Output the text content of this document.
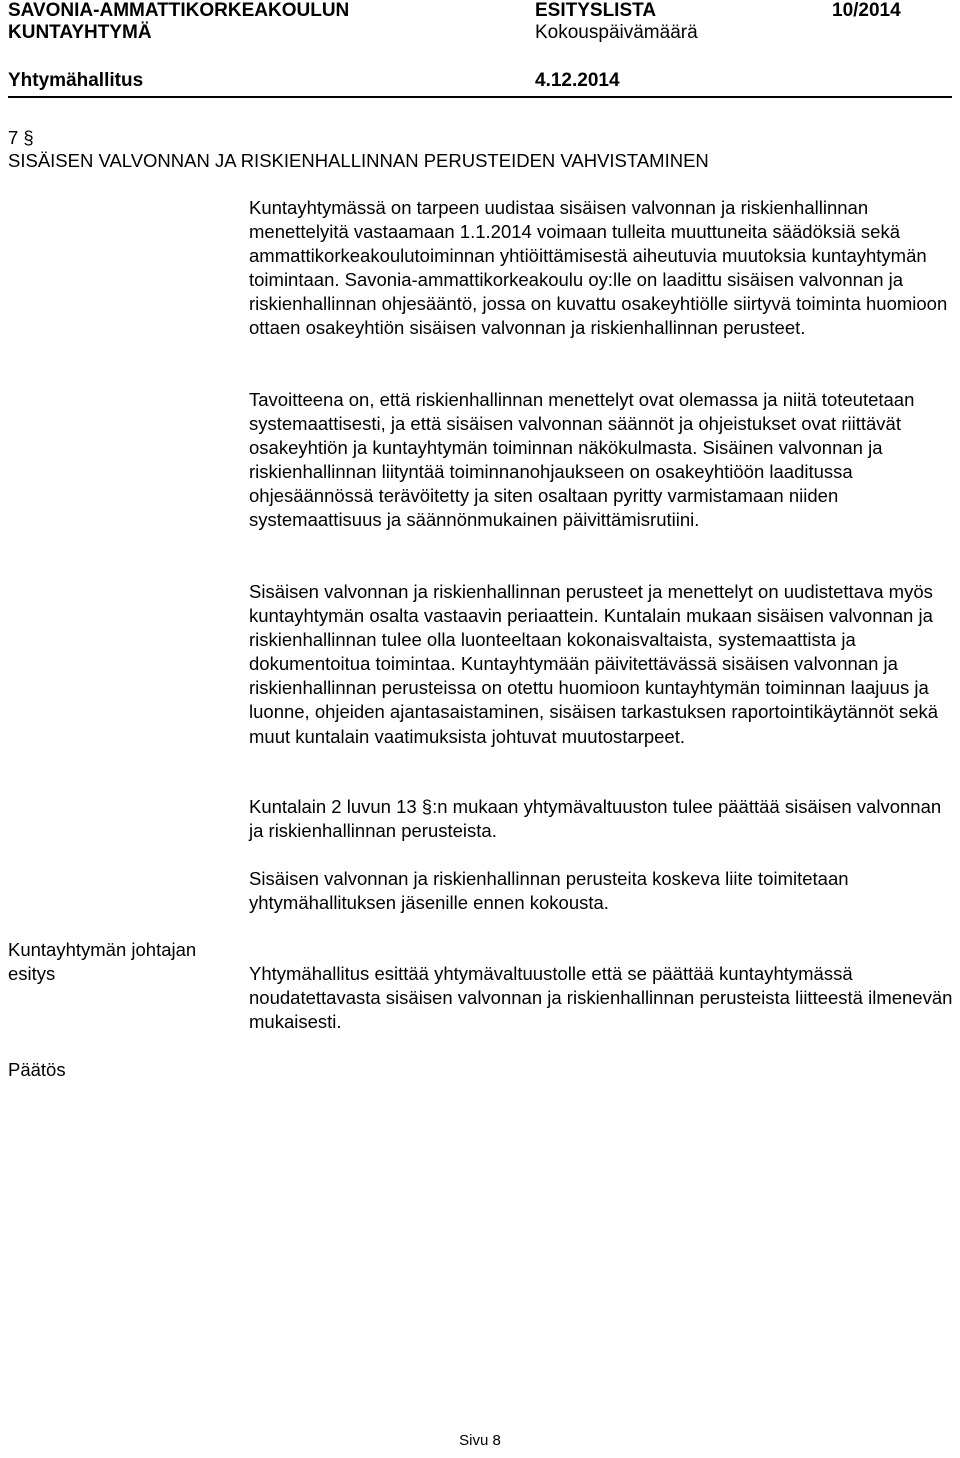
SAVONIA-AMMATTIKORKEAKOULUN
KUNTAYHTYMÄ
ESITYSLISTA
Kokouspäivämäärä
10/2014
Yhtymähallitus	4.12.2014
7 §
SISÄISEN VALVONNAN JA RISKIENHALLINNAN PERUSTEIDEN VAHVISTAMINEN

Kuntayhtymässä on tarpeen uudistaa sisäisen valvonnan ja riskienhallinnan menettelyitä vastaamaan 1.1.2014 voimaan tulleita muuttuneita säädöksiä sekä ammattikorkeakoulutoiminnan yhtiöittämisestä aiheutuvia muutoksia kuntayhtymän toimintaan. Savonia-ammattikorkeakoulu oy:lle on laadittu sisäisen valvonnan ja riskienhallinnan ohjesääntö, jossa on kuvattu osakeyhtiölle siirtyvä toiminta huomioon ottaen osakeyhtiön sisäisen valvonnan ja riskienhallinnan perusteet.

Tavoitteena on, että riskienhallinnan menettelyt ovat olemassa ja niitä toteutetaan systemaattisesti, ja että sisäisen valvonnan säännöt ja ohjeistukset ovat riittävät osakeyhtiön ja kuntayhtymän toiminnan näkökulmasta. Sisäinen valvonnan ja riskienhallinnan liityntää toiminnanohjaukseen on osakeyhtiöön laaditussa ohjesäännössä terävöitetty ja siten osaltaan pyritty varmistamaan niiden systemaattisuus ja säännönmukainen päivittämisrutiini.

Sisäisen valvonnan ja riskienhallinnan perusteet ja menettelyt on uudistettava myös kuntayhtymän osalta vastaavin periaattein. Kuntalain mukaan sisäisen valvonnan ja riskienhallinnan tulee olla luonteeltaan kokonaisvaltaista, systemaattista ja dokumentoitua toimintaa. Kuntayhtymään päivitettävässä sisäisen valvonnan ja riskienhallinnan perusteissa on otettu huomioon kuntayhtymän toiminnan laajuus ja luonne, ohjeiden ajantasaistaminen, sisäisen tarkastuksen raportointikäytännöt sekä muut kuntalain vaatimuksista johtuvat muutostarpeet.

Kuntalain 2 luvun 13 §:n mukaan yhtymävaltuuston tulee päättää sisäisen valvonnan ja riskienhallinnan perusteista.

Sisäisen valvonnan ja riskienhallinnan perusteita koskeva liite toimitetaan yhtymähallituksen jäsenille ennen kokousta.

Kuntayhtymän johtajan esitys	Yhtymähallitus esittää yhtymävaltuustolle että se päättää kuntayhtymässä noudatettavasta sisäisen valvonnan ja riskienhallinnan perusteista liitteestä ilmenevän mukaisesti.

Päätös
Sivu 8
